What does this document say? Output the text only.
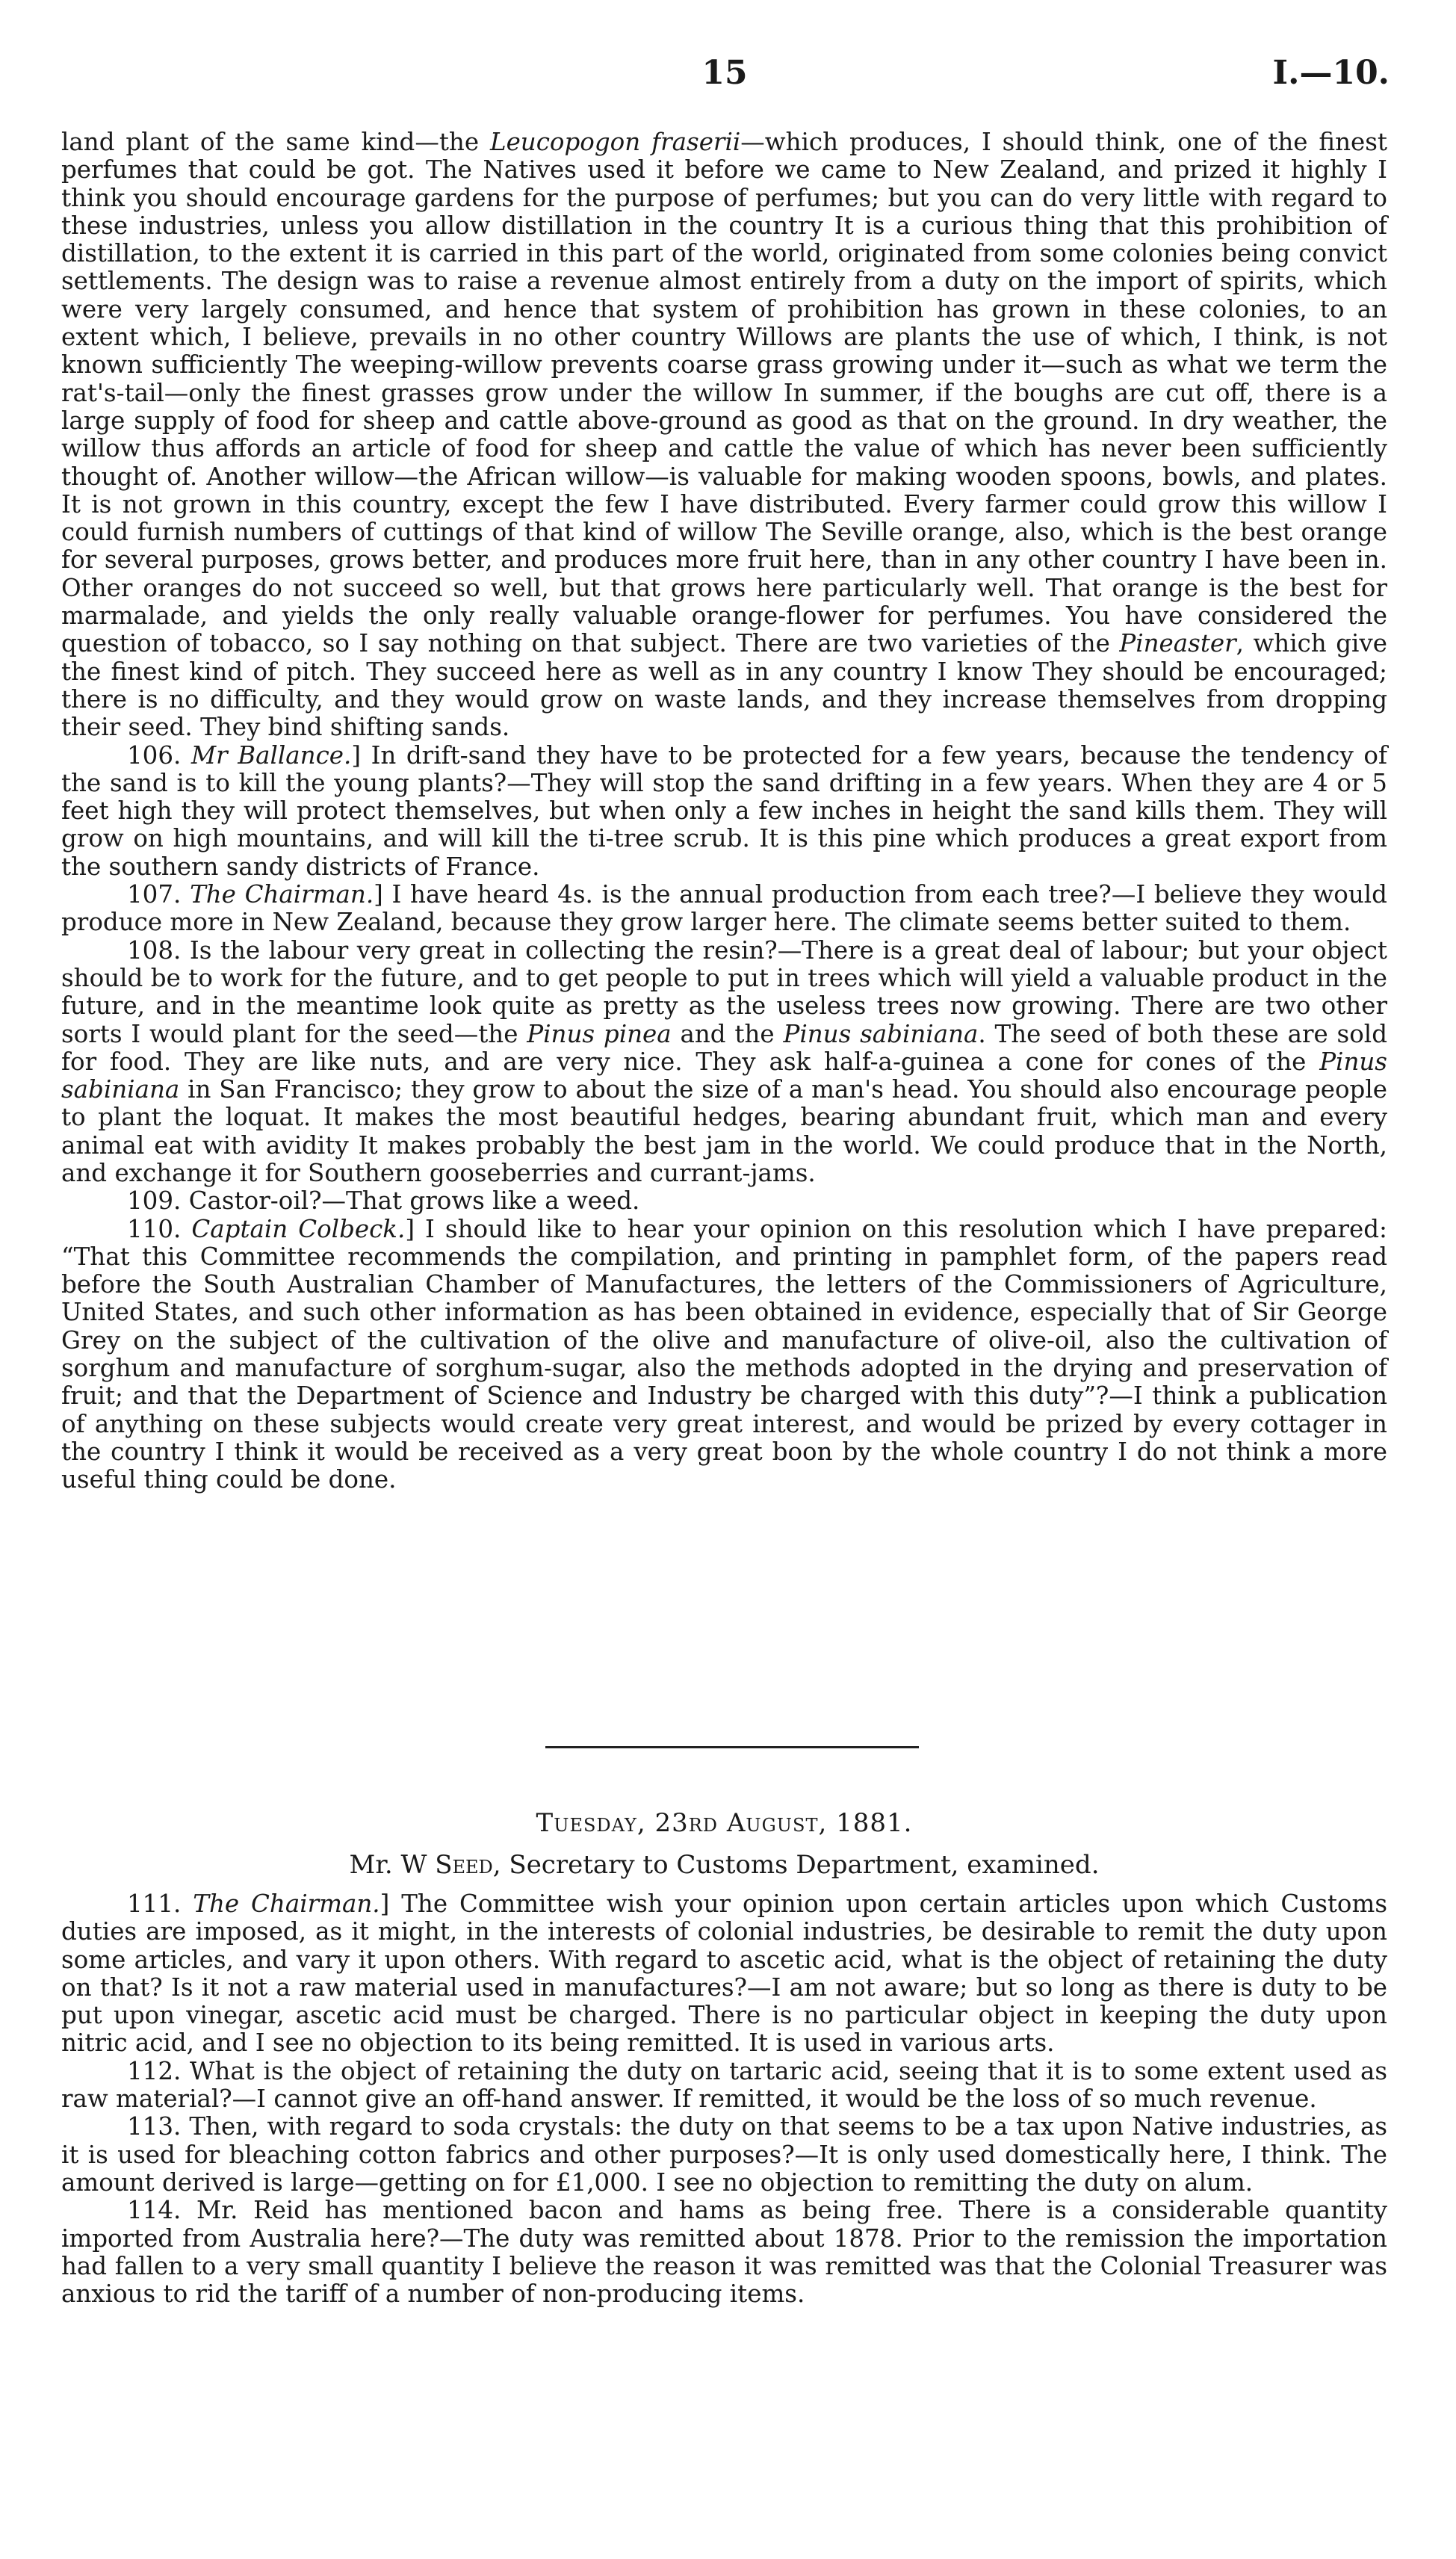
15	I.—10.

land plant of the same kind—the Leucopogon fraserii—which produces, I should think, one of the finest perfumes that could be got. The Natives used it before we came to New Zealand, and prized it highly I think you should encourage gardens for the purpose of perfumes; but you can do very little with regard to these industries, unless you allow distillation in the country It is a curious thing that this prohibition of distillation, to the extent it is carried in this part of the world, originated from some colonies being convict settlements. The design was to raise a revenue almost entirely from a duty on the import of spirits, which were very largely consumed, and hence that system of prohibition has grown in these colonies, to an extent which, I believe, prevails in no other country Willows are plants the use of which, I think, is not known sufficiently The weeping-willow prevents coarse grass growing under it—such as what we term the rat's-tail—only the finest grasses grow under the willow In summer, if the boughs are cut off, there is a large supply of food for sheep and cattle above-ground as good as that on the ground. In dry weather, the willow thus affords an article of food for sheep and cattle the value of which has never been sufficiently thought of. Another willow—the African willow—is valuable for making wooden spoons, bowls, and plates. It is not grown in this country, except the few I have distributed. Every farmer could grow this willow I could furnish numbers of cuttings of that kind of willow The Seville orange, also, which is the best orange for several purposes, grows better, and produces more fruit here, than in any other country I have been in. Other oranges do not succeed so well, but that grows here particularly well. That orange is the best for marmalade, and yields the only really valuable orange-flower for perfumes. You have considered the question of tobacco, so I say nothing on that subject. There are two varieties of the Pineaster, which give the finest kind of pitch. They succeed here as well as in any country I know They should be encouraged; there is no difficulty, and they would grow on waste lands, and they increase themselves from dropping their seed. They bind shifting sands.

106. Mr Ballance.] In drift-sand they have to be protected for a few years, because the tendency of the sand is to kill the young plants?—They will stop the sand drifting in a few years. When they are 4 or 5 feet high they will protect themselves, but when only a few inches in height the sand kills them. They will grow on high mountains, and will kill the ti-tree scrub. It is this pine which produces a great export from the southern sandy districts of France.

107. The Chairman.] I have heard 4s. is the annual production from each tree?—I believe they would produce more in New Zealand, because they grow larger here. The climate seems better suited to them.

108. Is the labour very great in collecting the resin?—There is a great deal of labour; but your object should be to work for the future, and to get people to put in trees which will yield a valuable product in the future, and in the meantime look quite as pretty as the useless trees now growing. There are two other sorts I would plant for the seed—the Pinus pinea and the Pinus sabiniana. The seed of both these are sold for food. They are like nuts, and are very nice. They ask half-a-guinea a cone for cones of the Pinus sabiniana in San Francisco; they grow to about the size of a man's head. You should also encourage people to plant the loquat. It makes the most beautiful hedges, bearing abundant fruit, which man and every animal eat with avidity It makes probably the best jam in the world. We could produce that in the North, and exchange it for Southern gooseberries and currant-jams.

109. Castor-oil?—That grows like a weed.

110. Captain Colbeck.] I should like to hear your opinion on this resolution which I have prepared: “That this Committee recommends the compilation, and printing in pamphlet form, of the papers read before the South Australian Chamber of Manufactures, the letters of the Commissioners of Agriculture, United States, and such other information as has been obtained in evidence, especially that of Sir George Grey on the subject of the cultivation of the olive and manufacture of olive-oil, also the cultivation of sorghum and manufacture of sorghum-sugar, also the methods adopted in the drying and preservation of fruit; and that the Department of Science and Industry be charged with this duty”?—I think a publication of anything on these subjects would create very great interest, and would be prized by every cottager in the country I think it would be received as a very great boon by the whole country I do not think a more useful thing could be done.

Tuesday, 23rd August, 1881.
Mr. W Seed, Secretary to Customs Department, examined.

111. The Chairman.] The Committee wish your opinion upon certain articles upon which Customs duties are imposed, as it might, in the interests of colonial industries, be desirable to remit the duty upon some articles, and vary it upon others. With regard to ascetic acid, what is the object of retaining the duty on that? Is it not a raw material used in manufactures?—I am not aware; but so long as there is duty to be put upon vinegar, ascetic acid must be charged. There is no particular object in keeping the duty upon nitric acid, and I see no objection to its being remitted. It is used in various arts.

112. What is the object of retaining the duty on tartaric acid, seeing that it is to some extent used as raw material?—I cannot give an off-hand answer. If remitted, it would be the loss of so much revenue.

113. Then, with regard to soda crystals: the duty on that seems to be a tax upon Native industries, as it is used for bleaching cotton fabrics and other purposes?—It is only used domestically here, I think. The amount derived is large—getting on for £1,000. I see no objection to remitting the duty on alum.

114. Mr. Reid has mentioned bacon and hams as being free. There is a considerable quantity imported from Australia here?—The duty was remitted about 1878. Prior to the remission the importation had fallen to a very small quantity I believe the reason it was remitted was that the Colonial Treasurer was anxious to rid the tariff of a number of non-producing items.
